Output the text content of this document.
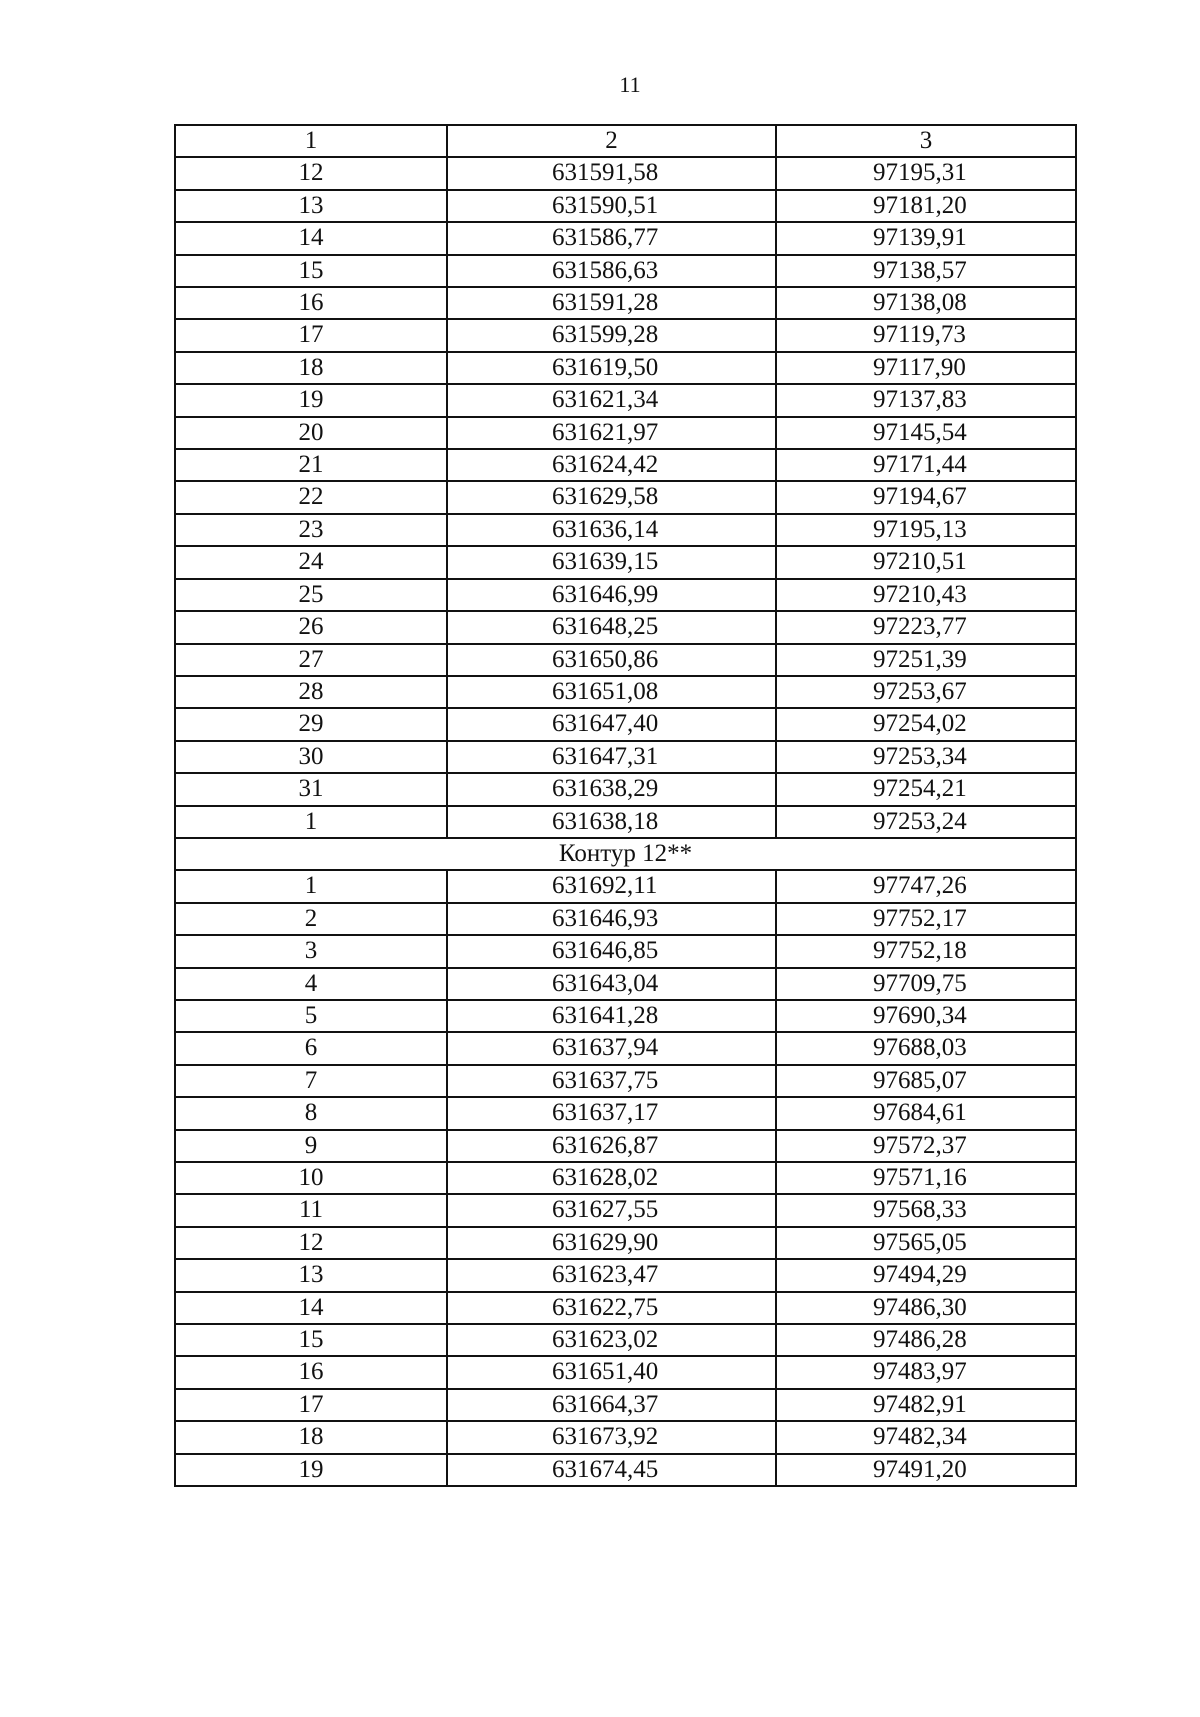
11
1	2	3
12	631591,58	97195,31
13	631590,51	97181,20
14	631586,77	97139,91
15	631586,63	97138,57
16	631591,28	97138,08
17	631599,28	97119,73
18	631619,50	97117,90
19	631621,34	97137,83
20	631621,97	97145,54
21	631624,42	97171,44
22	631629,58	97194,67
23	631636,14	97195,13
24	631639,15	97210,51
25	631646,99	97210,43
26	631648,25	97223,77
27	631650,86	97251,39
28	631651,08	97253,67
29	631647,40	97254,02
30	631647,31	97253,34
31	631638,29	97254,21
1	631638,18	97253,24
Контур 12**		
1	631692,11	97747,26
2	631646,93	97752,17
3	631646,85	97752,18
4	631643,04	97709,75
5	631641,28	97690,34
6	631637,94	97688,03
7	631637,75	97685,07
8	631637,17	97684,61
9	631626,87	97572,37
10	631628,02	97571,16
11	631627,55	97568,33
12	631629,90	97565,05
13	631623,47	97494,29
14	631622,75	97486,30
15	631623,02	97486,28
16	631651,40	97483,97
17	631664,37	97482,91
18	631673,92	97482,34
19	631674,45	97491,20
